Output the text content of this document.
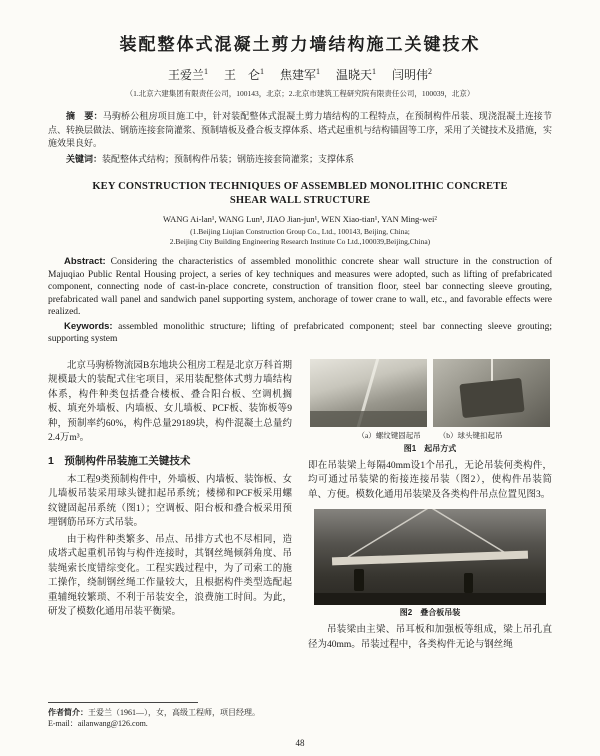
装配整体式混凝土剪力墙结构施工关键技术
王爱兰$^1$ 王　仑$^1$ 焦建军$^1$ 温晓天$^1$ 闫明伟$^2$
（1.北京六建集团有限责任公司，100143，北京；2.北京市建筑工程研究院有限责任公司，100039，北京）

摘　要：马驹桥公租房项目施工中，针对装配整体式混凝土剪力墙结构的工程特点，在预制构件吊装、现浇混凝土连接节点、转换层做法、钢筋连接套筒灌浆、预制墙板及叠合板支撑体系、塔式起重机与结构锚固等工序，采用了关键技术及措施，实施效果良好。

关键词：装配整体式结构；预制构件吊装；钢筋连接套筒灌浆；支撑体系

KEY CONSTRUCTION TECHNIQUES OF ASSEMBLED MONOLITHIC CONCRETE
SHEAR WALL STRUCTURE
WANG Ai-lan¹, WANG Lun¹, JIAO Jian-jun¹, WEN Xiao-tian¹, YAN Ming-wei²
(1.Beijing Liujian Construction Group Co., Ltd., 100143, Beijing, China;
2.Beijing City Building Engineering Research Institute Co Ltd.,100039,Beijing,China)

Abstract: Considering the characteristics of assembled monolithic concrete shear wall structure in the construction of Majuqiao Public Rental Housing project, a series of key techniques and measures were adopted, such as lifting of prefabricated component, connecting node of cast-in-place concrete, construction of transition floor, steel bar connecting sleeve grouting, prefabricated wall panel and sandwich panel supporting system, anchorage of tower crane to wall, etc., and favorable effects were realized.

Keywords: assembled monolithic structure; lifting of prefabricated component; steel bar connecting sleeve grouting; supporting system

北京马驹桥物流园B东地块公租房工程是北京万科首期规模最大的装配式住宅项目，采用装配整体式剪力墙结构体系，构件种类包括叠合楼板、叠合阳台板、空调机搁板、填充外墙板、内墙板、女儿墙板、PCF板、装饰板等9种，预制率约60%，构件总量29189块，构件混凝土总量约2.4万m³。

1　预制构件吊装施工关键技术

本工程9类预制构件中，外墙板、内墙板、装饰板、女儿墙板吊装采用球头键扣起吊系统；楼梯和PCF板采用螺纹键固起吊系统（图1）；空调板、阳台板和叠合板采用预埋钢筋吊环方式吊装。

由于构件种类繁多、吊点、吊排方式也不尽相同，造成塔式起重机吊钩与构件连接时，其钢丝绳倾斜角度、吊装绳索长度错综变化。工程实践过程中，为了司索工的施工操作，绕制钢丝绳工作量较大，且根据构件类型选配起重辅绳较繁琐、不利于吊装安全，浪费施工时间。为此，研发了模数化通用吊装平衡梁。

（a）螺纹键固起吊 （b）球头键扣起吊
图1　起吊方式

即在吊装梁上每隔40mm设1个吊孔，无论吊装何类构件，均可通过吊装梁的衔接连接吊装（图2），使构件吊装简单、方便。模数化通用吊装梁及各类构件吊点位置见图3。

图2　叠合板吊装

吊装梁由主梁、吊耳板和加强板等组成，梁上吊孔直径为40mm。吊装过程中，各类构件无论与钢丝绳

作者简介：王爱兰（1961—），女，高级工程师，项目经理。
E-mail：ailanwang@126.com.
48
